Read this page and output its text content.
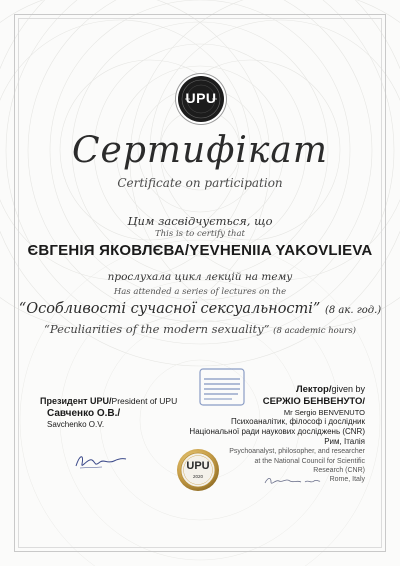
UPU
Сертифікат
Certificate on participation
Цим засвідчується, що
This is to certify that
ЄВГЕНІЯ ЯКОВЛЄВА/YEVHENIIA YAKOVLIEVA
прослухала цикл лекцій на тему
Has attended a series of lectures on the
“Особливості сучасної сексуальності” (8 ак. год.)
“Peculiarities of the modern sexuality” (8 academic hours)
Президент UPU/President of UPU
Савченко О.В./
Savchenko O.V.
Лектор/given by
СЕРЖІО БЕНВЕНУТО/
Mr Sergio BENVENUTO
Психоаналітик, філософ і дослідник
Національної ради наукових досліджень (CNR)
Рим, Італія
Psychoanalyst, philosopher, and researcher
at the National Council for Scientific
Research (CNR)
Rome, Italy
UPU
2020
